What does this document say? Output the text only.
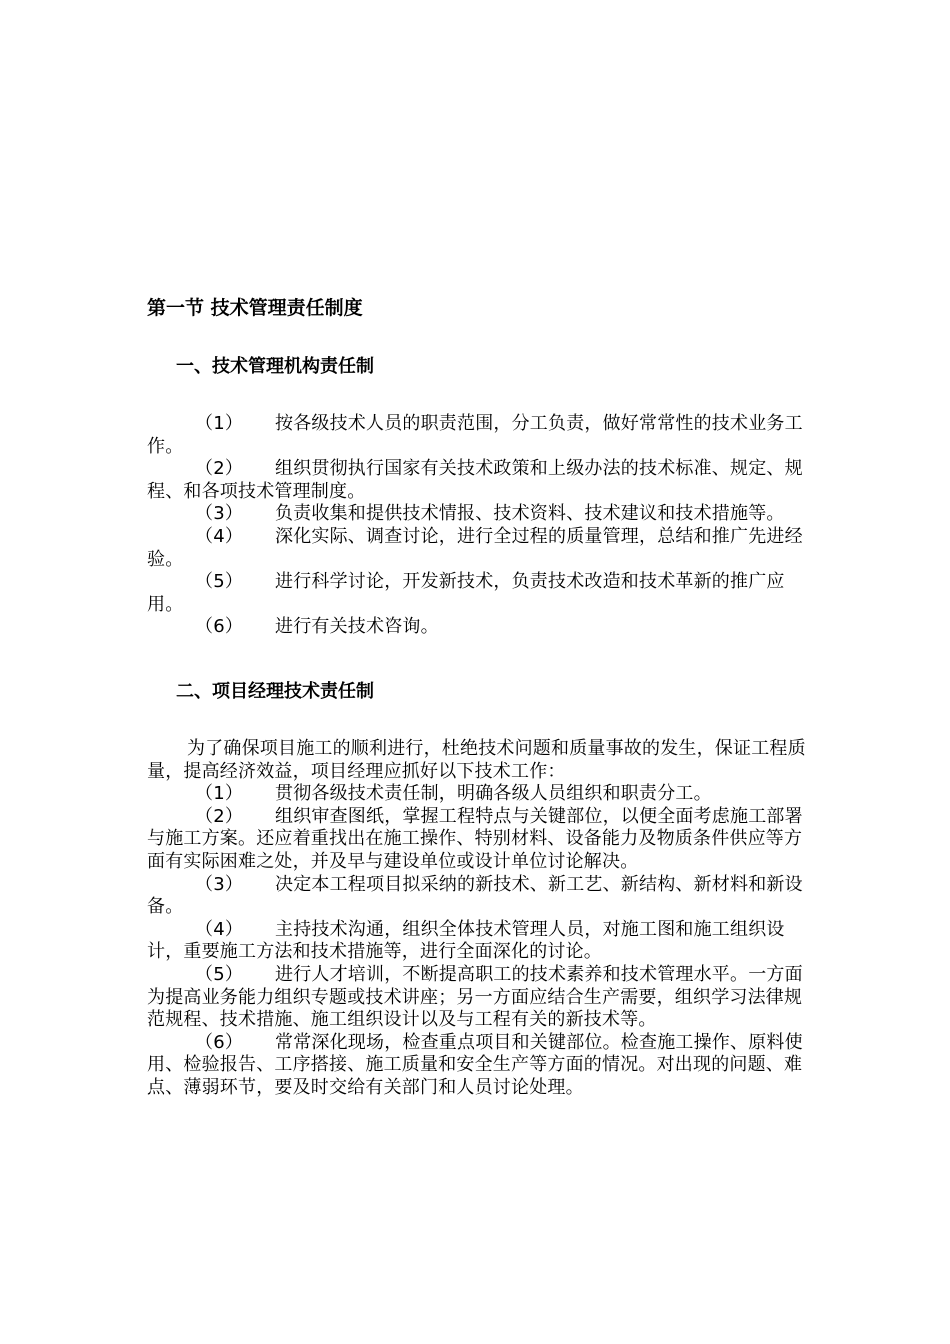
第一节 技术管理责任制度
一、技术管理机构责任制

（1） 按各级技术人员的职责范围，分工负责，做好常常性的技术业务工作。

（2） 组织贯彻执行国家有关技术政策和上级办法的技术标准、规定、规程、和各项技术管理制度。

（3） 负责收集和提供技术情报、技术资料、技术建议和技术措施等。

（4） 深化实际、调查讨论，进行全过程的质量管理，总结和推广先进经验。

（5） 进行科学讨论，开发新技术，负责技术改造和技术革新的推广应用。

（6） 进行有关技术咨询。

二、项目经理技术责任制

为了确保项目施工的顺利进行，杜绝技术问题和质量事故的发生，保证工程质量，提高经济效益，项目经理应抓好以下技术工作：

（1） 贯彻各级技术责任制，明确各级人员组织和职责分工。

（2） 组织审查图纸，掌握工程特点与关键部位，以便全面考虑施工部署与施工方案。还应着重找出在施工操作、特别材料、设备能力及物质条件供应等方面有实际困难之处，并及早与建设单位或设计单位讨论解决。

（3） 决定本工程项目拟采纳的新技术、新工艺、新结构、新材料和新设备。

（4） 主持技术沟通，组织全体技术管理人员，对施工图和施工组织设计，重要施工方法和技术措施等，进行全面深化的讨论。

（5） 进行人才培训，不断提高职工的技术素养和技术管理水平。一方面为提高业务能力组织专题或技术讲座；另一方面应结合生产需要，组织学习法律规范规程、技术措施、施工组织设计以及与工程有关的新技术等。

（6） 常常深化现场，检查重点项目和关键部位。检查施工操作、原料使用、检验报告、工序搭接、施工质量和安全生产等方面的情况。对出现的问题、难点、薄弱环节，要及时交给有关部门和人员讨论处理。
